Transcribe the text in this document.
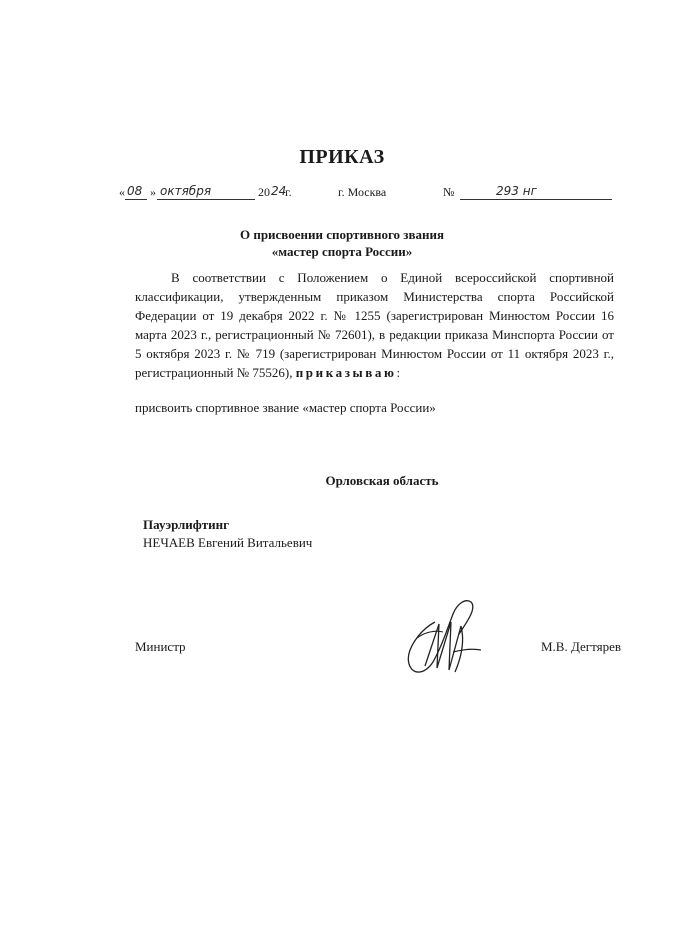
ПРИКАЗ
« 08 » октября	20 24
г.	г. Москва	№	293 нг
О присвоении спортивного звания
«мастер спорта России»
В соответствии с Положением о Единой всероссийской спортивной классификации, утвержденным приказом Министерства спорта Российской Федерации от 19 декабря 2022 г. № 1255 (зарегистрирован Минюстом России 16 марта 2023 г., регистрационный № 72601), в редакции приказа Минспорта России от 5 октября 2023 г. № 719 (зарегистрирован Минюстом России от 11 октября 2023 г., регистрационный № 75526), приказываю:
присвоить спортивное звание «мастер спорта России»
Орловская область
Пауэрлифтинг
НЕЧАЕВ Евгений Витальевич
Министр	М.В. Дегтярев
